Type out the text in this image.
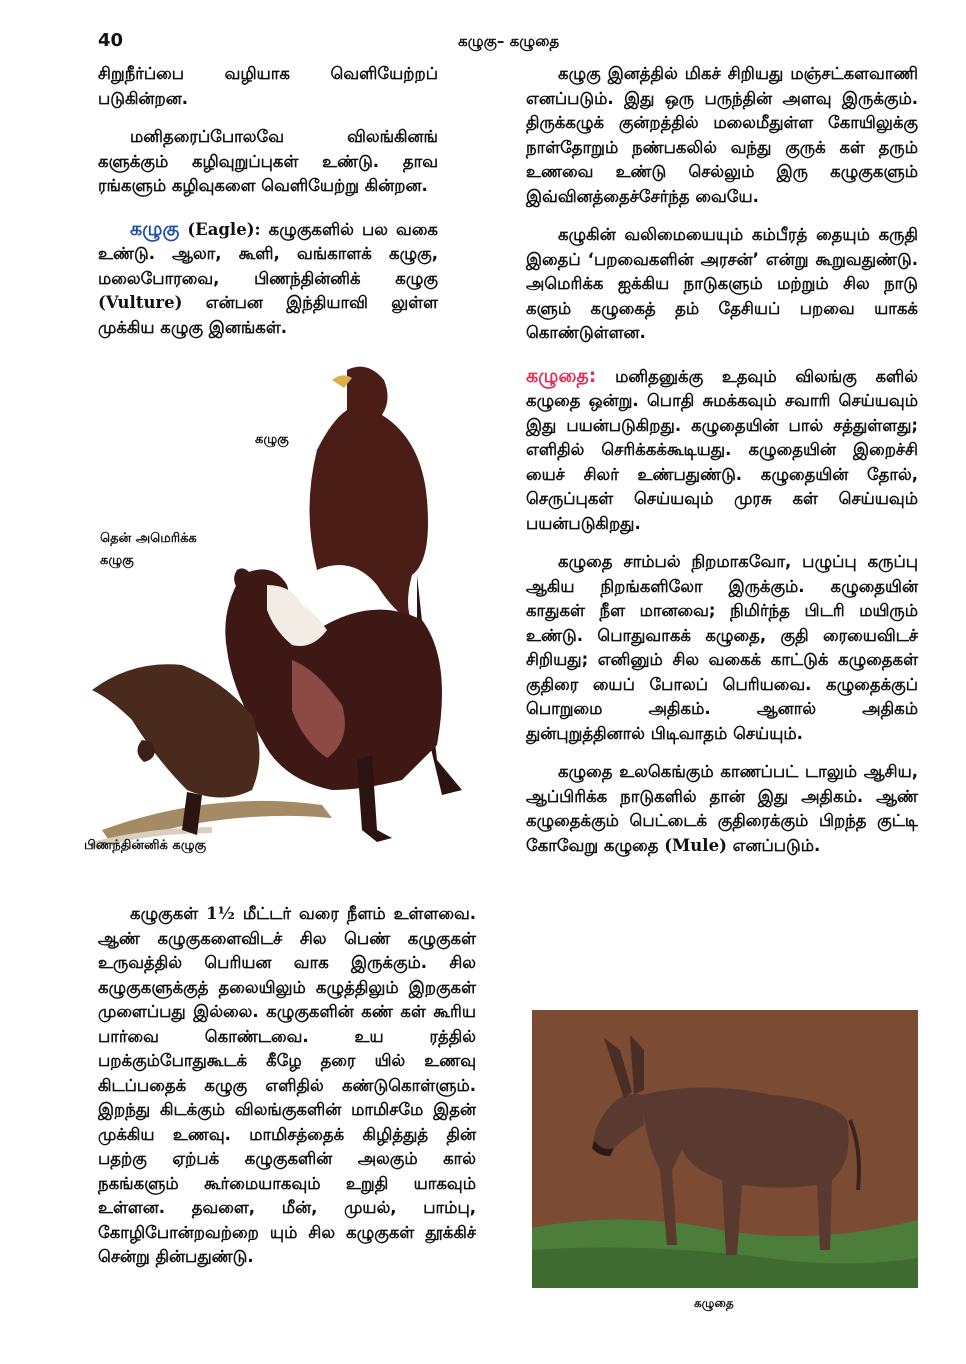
40	கழுகு– கழுதை

சிறுநீர்ப்பை வழியாக வெளியேற்றப் படுகின்றன.

மனிதரைப்போலவே விலங்கினங் களுக்கும் கழிவுறுப்புகள் உண்டு. தாவ ரங்களும் கழிவுகளை வெளியேற்று கின்றன.

கழுகு (Eagle): கழுகுகளில் பல வகை உண்டு. ஆலா, கூளி, வங்காளக் கழுகு, மலைபோரவை, பிணந்தின்னிக் கழுகு (Vulture) என்பன இந்தியாவி லுள்ள முக்கிய கழுகு இனங்கள்.

கழுகு
தென் அமெரிக்க கழுகு
பிணந்தின்னிக் கழுகு

கழுகுகள் 1½ மீட்டர் வரை நீளம் உள்ளவை. ஆண் கழுகுகளைவிடச் சில பெண் கழுகுகள் உருவத்தில் பெரியன வாக இருக்கும். சில கழுகுகளுக்குத் தலையிலும் கழுத்திலும் இறகுகள் முளைப்பது இல்லை. கழுகுகளின் கண் கள் கூரிய பார்வை கொண்டவை. உய ரத்தில் பறக்கும்போதுகூடக் கீழே தரை யில் உணவு கிடப்பதைக் கழுகு எளிதில் கண்டுகொள்ளும். இறந்து கிடக்கும் விலங்குகளின் மாமிசமே இதன் முக்கிய உணவு. மாமிசத்தைக் கிழித்துத் தின் பதற்கு ஏற்பக் கழுகுகளின் அலகும் கால் நகங்களும் கூர்மையாகவும் உறுதி யாகவும் உள்ளன. தவளை, மீன், முயல், பாம்பு, கோழிபோன்றவற்றை யும் சில கழுகுகள் தூக்கிச் சென்று தின்பதுண்டு.

கழுகு இனத்தில் மிகச் சிறியது மஞ்சட்களவாணி எனப்படும். இது ஒரு பருந்தின் அளவு இருக்கும். திருக்கழுக் குன்றத்தில் மலைமீதுள்ள கோயிலுக்கு நாள்தோறும் நண்பகலில் வந்து குருக் கள் தரும் உணவை உண்டு செல்லும் இரு கழுகுகளும் இவ்வினத்தைச்சேர்ந்த வையே.

கழுகின் வலிமையையும் கம்பீரத் தையும் கருதி இதைப் ‘பறவைகளின் அரசன்’ என்று கூறுவதுண்டு. அமெரிக்க ஐக்கிய நாடுகளும் மற்றும் சில நாடு களும் கழுகைத் தம் தேசியப் பறவை யாகக் கொண்டுள்ளன.

கழுதை: மனிதனுக்கு உதவும் விலங்கு களில் கழுதை ஒன்று. பொதி சுமக்கவும் சவாரி செய்யவும் இது பயன்படுகிறது. கழுதையின் பால் சத்துள்ளது; எளிதில் செரிக்கக்கூடியது. கழுதையின் இறைச்சி யைச் சிலர் உண்பதுண்டு. கழுதையின் தோல், செருப்புகள் செய்யவும் முரசு கள் செய்யவும் பயன்படுகிறது.

கழுதை சாம்பல் நிறமாகவோ, பழுப்பு கருப்பு ஆகிய நிறங்களிலோ இருக்கும். கழுதையின் காதுகள் நீள மானவை; நிமிர்ந்த பிடரி மயிரும் உண்டு. பொதுவாகக் கழுதை, குதி ரையைவிடச் சிறியது; எனினும் சில வகைக் காட்டுக் கழுதைகள் குதிரை யைப் போலப் பெரியவை. கழுதைக்குப் பொறுமை அதிகம். ஆனால் அதிகம் துன்புறுத்தினால் பிடிவாதம் செய்யும்.

கழுதை உலகெங்கும் காணப்பட் டாலும் ஆசிய, ஆப்பிரிக்க நாடுகளில் தான் இது அதிகம். ஆண் கழுதைக்கும் பெட்டைக் குதிரைக்கும் பிறந்த குட்டி கோவேறு கழுதை (Mule) எனப்படும்.

கழுதை
